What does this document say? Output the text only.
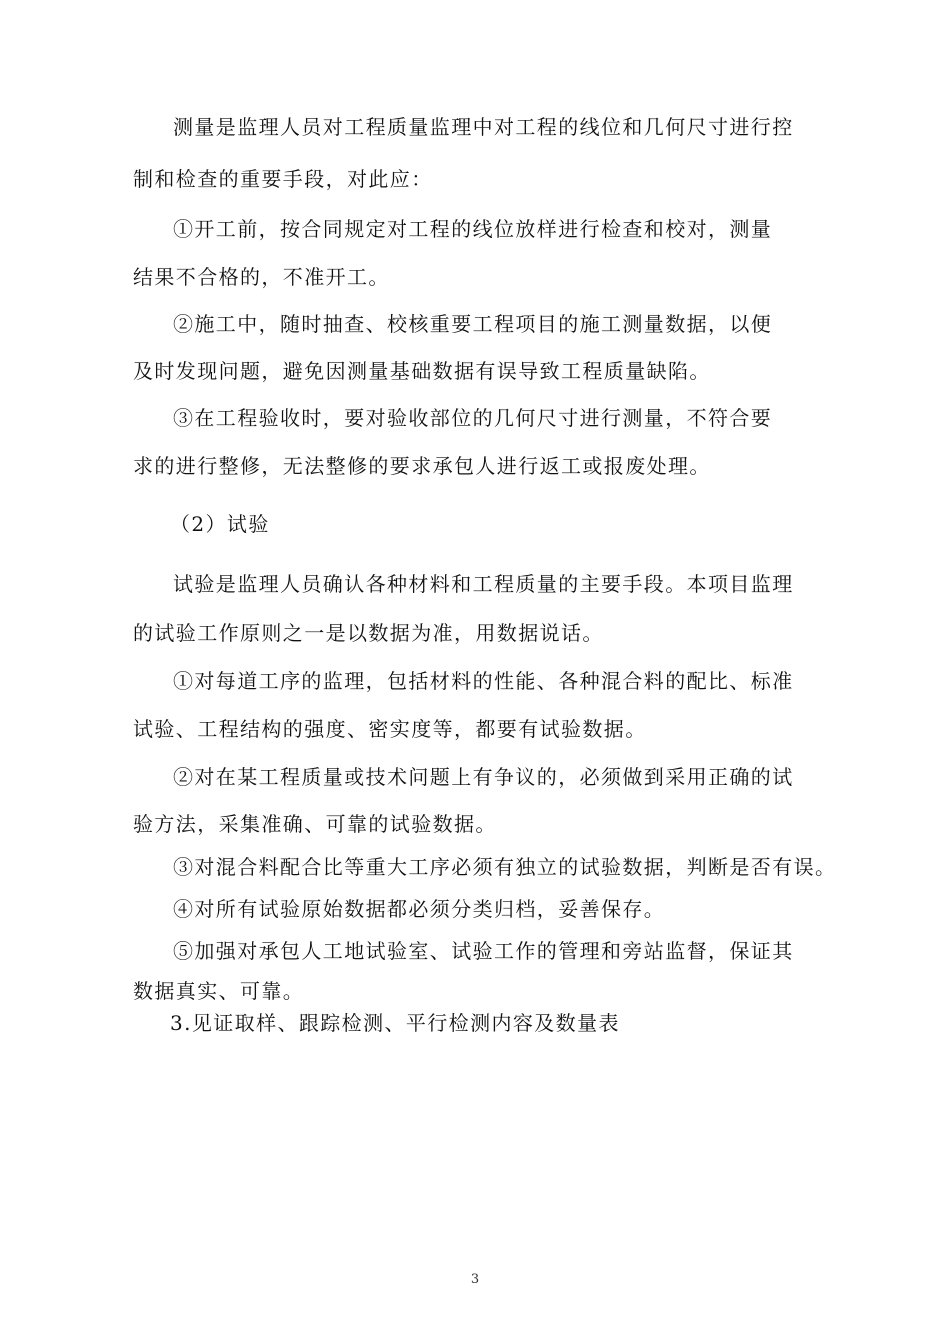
测量是监理人员对工程质量监理中对工程的线位和几何尺寸进行控
制和检查的重要手段，对此应：
①开工前，按合同规定对工程的线位放样进行检查和校对，测量
结果不合格的，不准开工。
②施工中，随时抽查、校核重要工程项目的施工测量数据，以便
及时发现问题，避免因测量基础数据有误导致工程质量缺陷。
③在工程验收时，要对验收部位的几何尺寸进行测量，不符合要
求的进行整修，无法整修的要求承包人进行返工或报废处理。
（2）试验
试验是监理人员确认各种材料和工程质量的主要手段。本项目监理
的试验工作原则之一是以数据为准，用数据说话。
①对每道工序的监理，包括材料的性能、各种混合料的配比、标准
试验、工程结构的强度、密实度等，都要有试验数据。
②对在某工程质量或技术问题上有争议的，必须做到采用正确的试
验方法，采集准确、可靠的试验数据。
③对混合料配合比等重大工序必须有独立的试验数据，判断是否有误。
④对所有试验原始数据都必须分类归档，妥善保存。
⑤加强对承包人工地试验室、试验工作的管理和旁站监督，保证其
数据真实、可靠。
3.见证取样、跟踪检测、平行检测内容及数量表
3
